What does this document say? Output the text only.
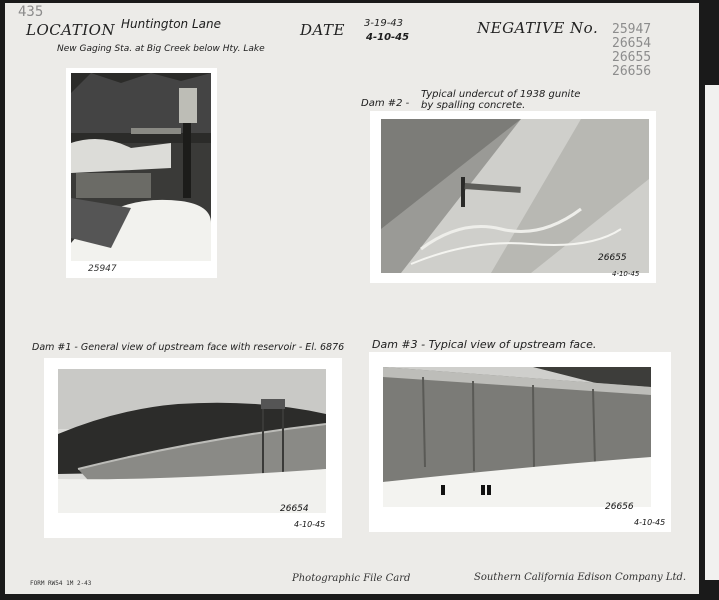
435
LOCATION Huntington Lane
New Gaging Sta. at Big Creek below Hty. Lake
DATE 3-19-43
4-10-45
NEGATIVE No. 25947
26654
26655
26656
25947
Dam #2 -
Typical undercut of 1938 gunite
by spalling concrete.
26655
4-10-45
Dam #1 - General view of upstream face with reservoir - El. 6876
26654
4-10-45
Dam #3 - Typical view of upstream face.
26656
4-10-45
FORM RW54 1M 2-43	Photographic File Card	Southern California Edison Company Ltd.
